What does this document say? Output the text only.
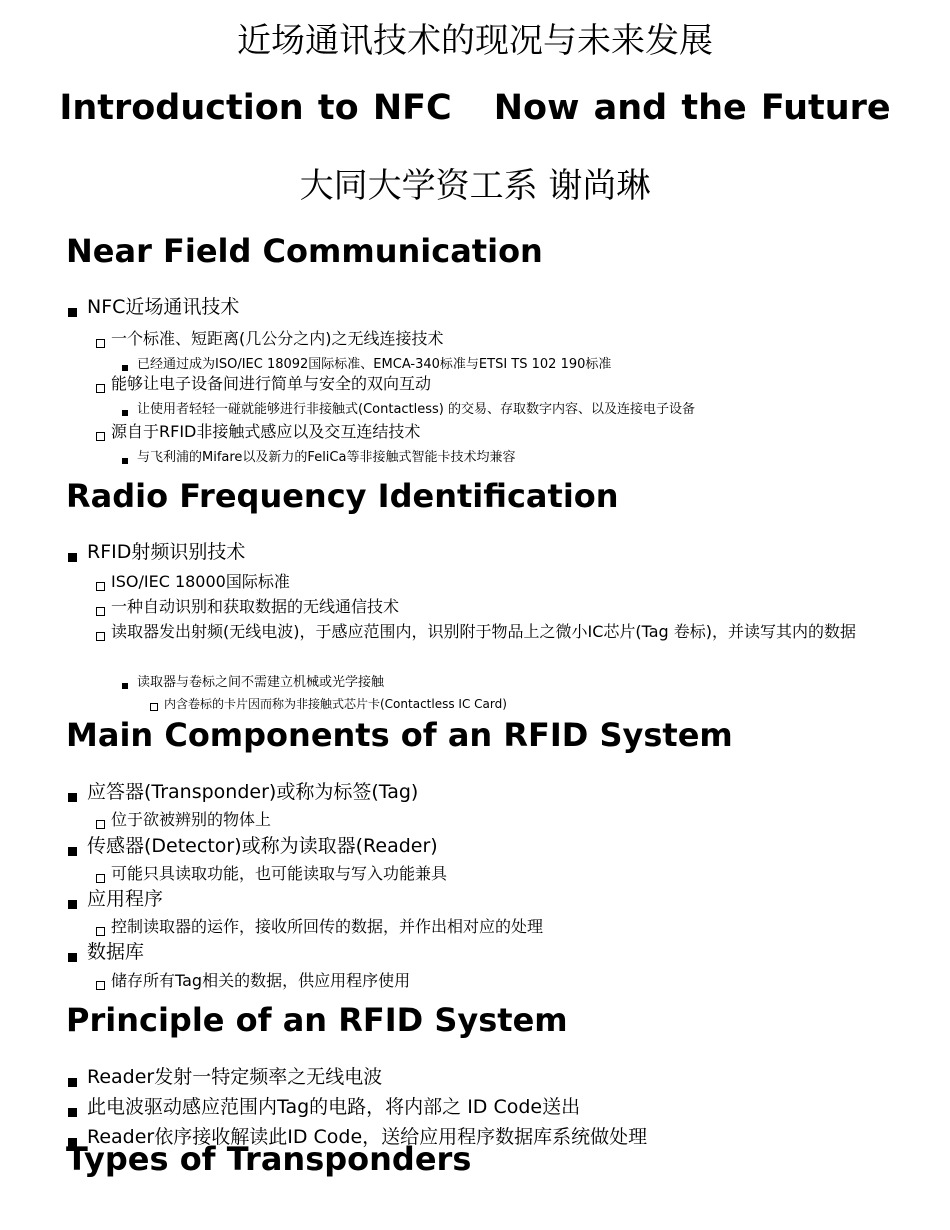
近场通讯技术的现况与未来发展
Introduction to NFC Now and the Future
大同大学资工系 谢尚琳
Near Field Communication
NFC近场通讯技术
一个标准、短距离(几公分之内)之无线连接技术
已经通过成为ISO/IEC 18092国际标准、EMCA-340标准与ETSI TS 102 190标准
能够让电子设备间进行简单与安全的双向互动
让使用者轻轻一碰就能够进行非接触式(Contactless) 的交易、存取数字内容、以及连接电子设备
源自于RFID非接触式感应以及交互连结技术
与飞利浦的Mifare以及新力的FeliCa等非接触式智能卡技术均兼容
Radio Frequency Identification
RFID射频识别技术
ISO/IEC 18000国际标准
一种自动识别和获取数据的无线通信技术
读取器发出射频(无线电波)，于感应范围内，识别附于物品上之微小IC芯片(Tag 卷标)，并读写其内的数据
读取器与卷标之间不需建立机械或光学接触
内含卷标的卡片因而称为非接触式芯片卡(Contactless IC Card)
Main Components of an RFID System
应答器(Transponder)或称为标签(Tag)
位于欲被辨别的物体上
传感器(Detector)或称为读取器(Reader)
可能只具读取功能，也可能读取与写入功能兼具
应用程序
控制读取器的运作，接收所回传的数据，并作出相对应的处理
数据库
储存所有Tag相关的数据，供应用程序使用
Principle of an RFID System
Reader发射一特定频率之无线电波
此电波驱动感应范围内Tag的电路，将内部之 ID Code送出
Reader依序接收解读此ID Code，送给应用程序数据库系统做处理
Types of Transponders
